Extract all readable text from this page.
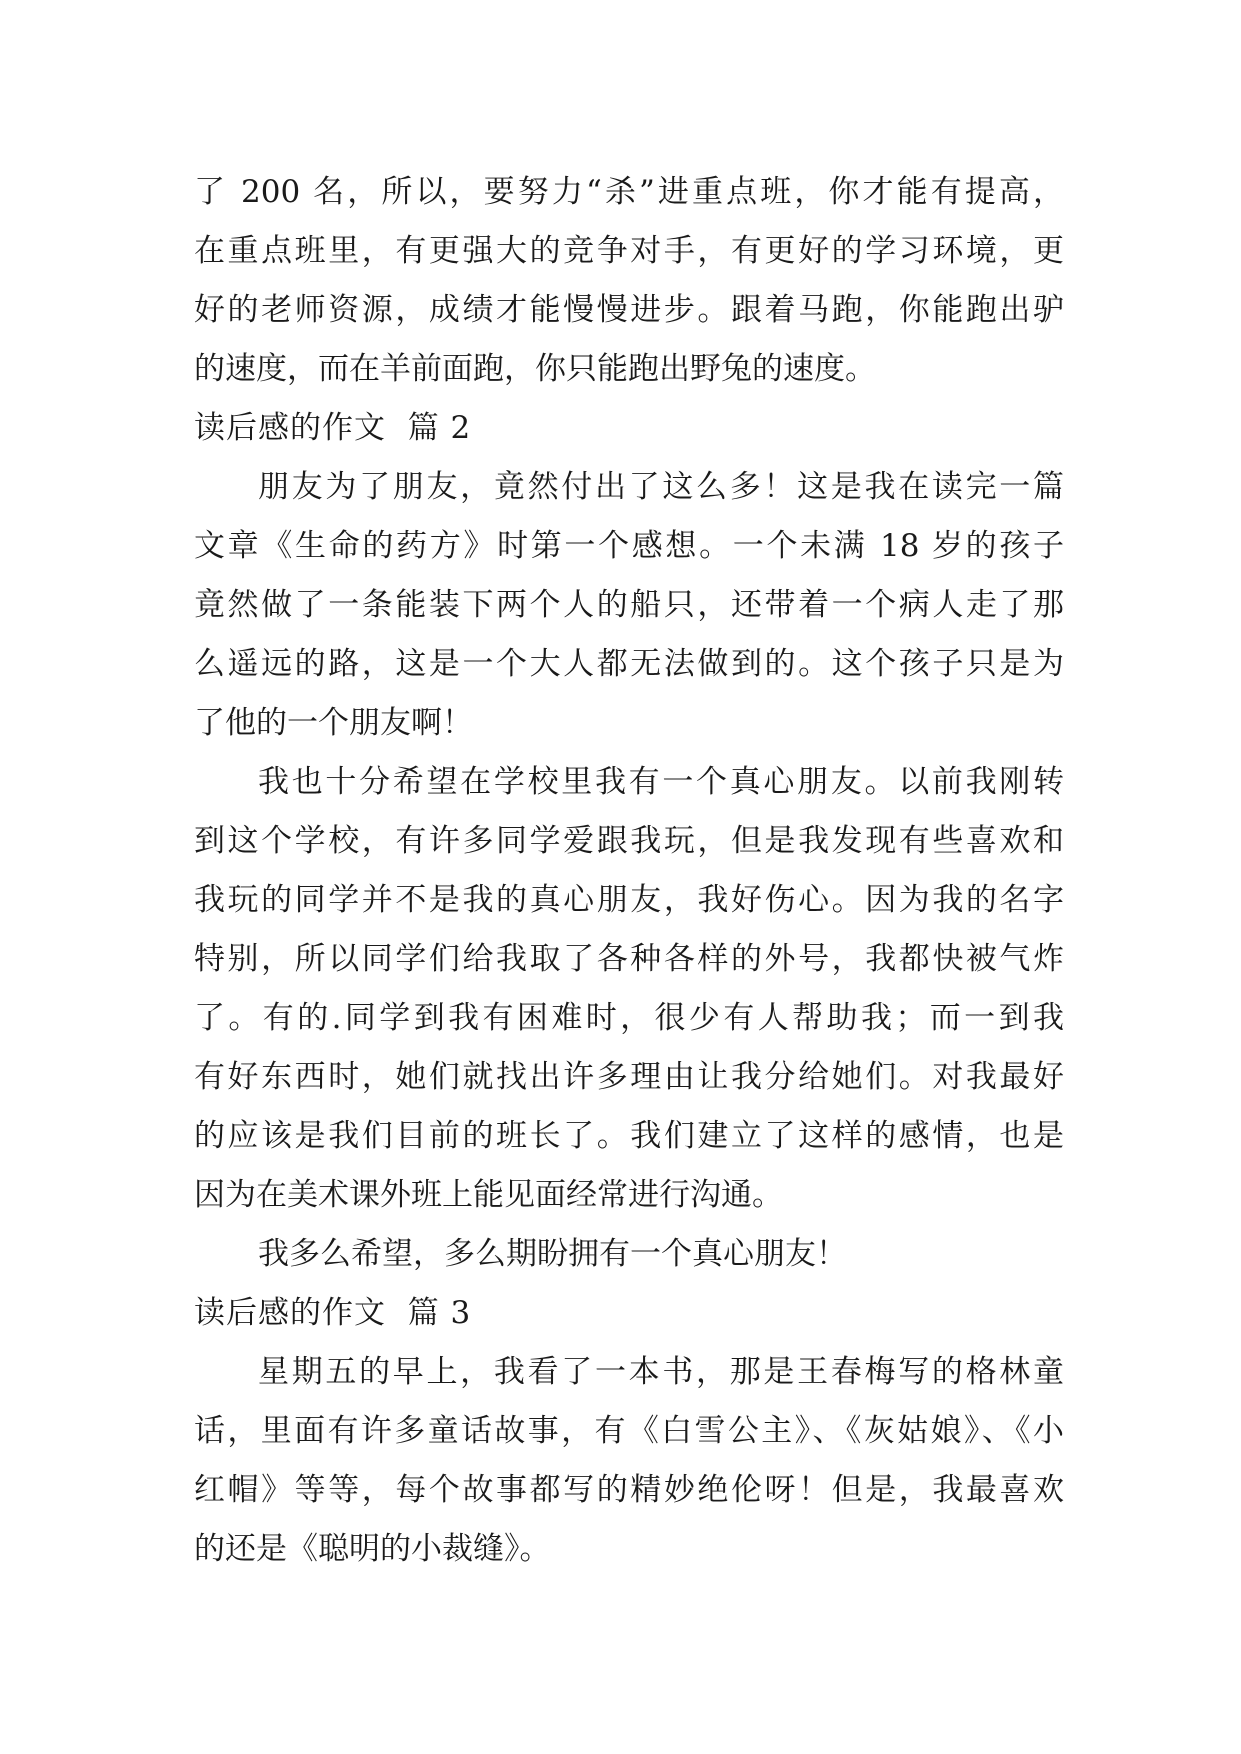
了 200 名，所以，要努力“杀”进重点班，你才能有提高，
在重点班里，有更强大的竞争对手，有更好的学习环境，更
好的老师资源，成绩才能慢慢进步。跟着马跑，你能跑出驴
的速度，而在羊前面跑，你只能跑出野兔的速度。
读后感的作文  篇 2
朋友为了朋友，竟然付出了这么多！这是我在读完一篇
文章《生命的药方》时第一个感想。一个未满 18 岁的孩子
竟然做了一条能装下两个人的船只，还带着一个病人走了那
么遥远的路，这是一个大人都无法做到的。这个孩子只是为
了他的一个朋友啊！
我也十分希望在学校里我有一个真心朋友。以前我刚转
到这个学校，有许多同学爱跟我玩，但是我发现有些喜欢和
我玩的同学并不是我的真心朋友，我好伤心。因为我的名字
特别，所以同学们给我取了各种各样的外号，我都快被气炸
了。有的.同学到我有困难时，很少有人帮助我；而一到我
有好东西时，她们就找出许多理由让我分给她们。对我最好
的应该是我们目前的班长了。我们建立了这样的感情，也是
因为在美术课外班上能见面经常进行沟通。
我多么希望，多么期盼拥有一个真心朋友！
读后感的作文  篇 3
星期五的早上，我看了一本书，那是王春梅写的格林童
话，里面有许多童话故事，有《白雪公主》、《灰姑娘》、《小
红帽》等等，每个故事都写的精妙绝伦呀！但是，我最喜欢
的还是《聪明的小裁缝》。
